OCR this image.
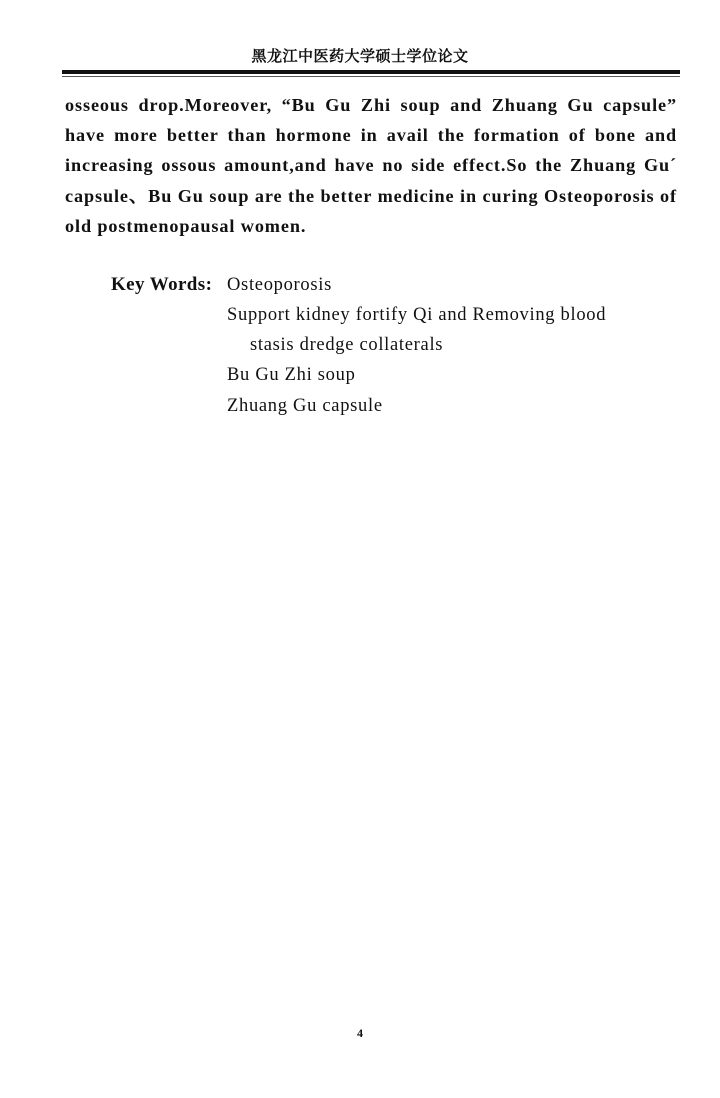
黑龙江中医药大学硕士学位论文

osseous drop.Moreover, “Bu Gu Zhi soup and Zhuang Gu capsule” have more better than hormone in avail the formation of bone and increasing ossous amount,and have no side effect.So the Zhuang Gu´ capsule、Bu Gu soup are the better medicine in curing Osteoporosis of old postmenopausal women.

Key Words: Osteoporosis
Support kidney fortify Qi and Removing blood
stasis dredge collaterals
Bu Gu Zhi soup
Zhuang Gu capsule
4
